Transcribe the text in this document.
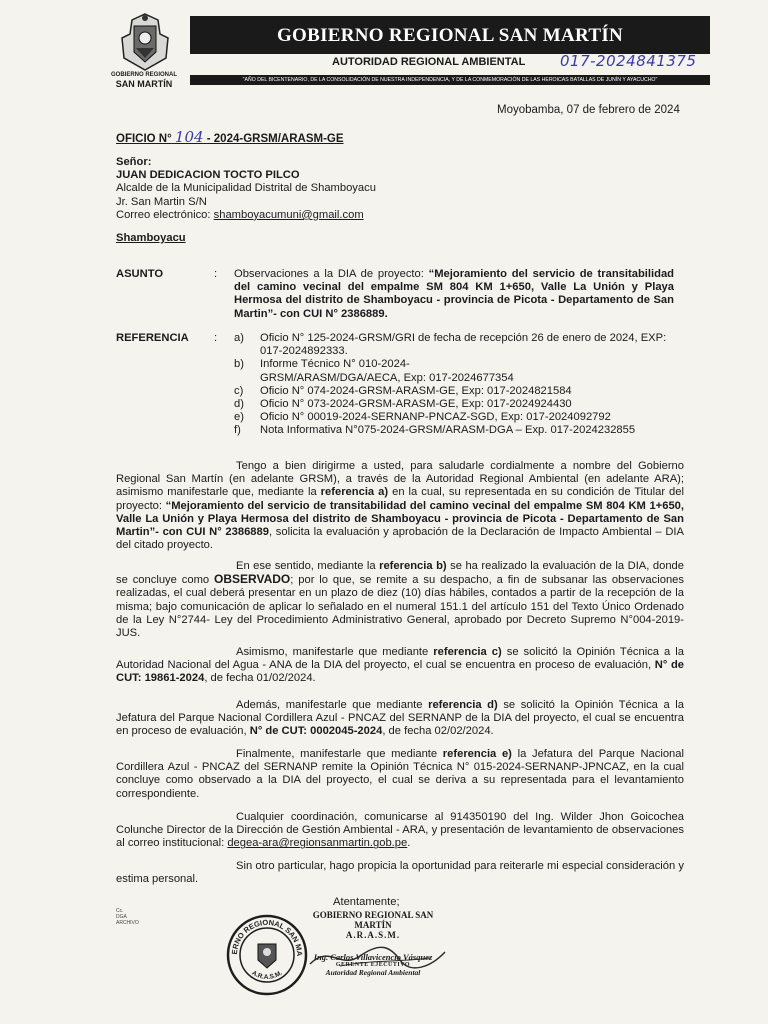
GOBIERNO REGIONAL
SAN MARTÍN
GOBIERNO REGIONAL SAN MARTÍN
AUTORIDAD REGIONAL AMBIENTAL 017-2024841375
"AÑO DEL BICENTENARIO, DE LA CONSOLIDACIÓN DE NUESTRA INDEPENDENCIA, Y DE LA CONMEMORACIÓN DE LAS HEROICAS BATALLAS DE JUNÍN Y AYACUCHO"
Moyobamba, 07 de febrero de 2024
OFICIO N° 104 - 2024-GRSM/ARASM-GE
Señor:
JUAN DEDICACION TOCTO PILCO
Alcalde de la Municipalidad Distrital de Shamboyacu
Jr. San Martin S/N
Correo electrónico: shamboyacumuni@gmail.com
Shamboyacu
ASUNTO	: Observaciones a la DIA de proyecto: “Mejoramiento del servicio de transitabilidad del camino vecinal del empalme SM 804 KM 1+650, Valle La Unión y Playa Hermosa del distrito de Shamboyacu - provincia de Picota - Departamento de San Martin”- con CUI N° 2386889.
REFERENCIA : a)	Oficio N° 125-2024-GRSM/GRI de fecha de recepción 26 de enero de 2024, EXP: 017-2024892333.
b)	Informe Técnico N° 010-2024-GRSM/ARASM/DGA/AECA, Exp: 017-2024677354
c)	Oficio N° 074-2024-GRSM-ARASM-GE, Exp: 017-2024821584
d)	Oficio N° 073-2024-GRSM-ARASM-GE, Exp: 017-2024924430
e)	Oficio N° 00019-2024-SERNANP-PNCAZ-SGD, Exp: 017-2024092792
f)	Nota Informativa N°075-2024-GRSM/ARASM-DGA – Exp. 017-2024232855
Tengo a bien dirigirme a usted, para saludarle cordialmente a nombre del Gobierno Regional San Martín (en adelante GRSM), a través de la Autoridad Regional Ambiental (en adelante ARA); asimismo manifestarle que, mediante la referencia a) en la cual, su representada en su condición de Titular del proyecto: “Mejoramiento del servicio de transitabilidad del camino vecinal del empalme SM 804 KM 1+650, Valle La Unión y Playa Hermosa del distrito de Shamboyacu - provincia de Picota - Departamento de San Martin”- con CUI N° 2386889, solicita la evaluación y aprobación de la Declaración de Impacto Ambiental – DIA del citado proyecto.
En ese sentido, mediante la referencia b) se ha realizado la evaluación de la DIA, donde se concluye como OBSERVADO; por lo que, se remite a su despacho, a fin de subsanar las observaciones realizadas, el cual deberá presentar en un plazo de diez (10) días hábiles, contados a partir de la recepción de la misma; bajo comunicación de aplicar lo señalado en el numeral 151.1 del artículo 151 del Texto Único Ordenado de la Ley N°2744- Ley del Procedimiento Administrativo General, aprobado por Decreto Supremo N°004-2019-JUS.
Asimismo, manifestarle que mediante referencia c) se solicitó la Opinión Técnica a la Autoridad Nacional del Agua - ANA de la DIA del proyecto, el cual se encuentra en proceso de evaluación, N° de CUT: 19861-2024, de fecha 01/02/2024.
Además, manifestarle que mediante referencia d) se solicitó la Opinión Técnica a la Jefatura del Parque Nacional Cordillera Azul - PNCAZ del SERNANP de la DIA del proyecto, el cual se encuentra en proceso de evaluación, N° de CUT: 0002045-2024, de fecha 02/02/2024.
Finalmente, manifestarle que mediante referencia e) la Jefatura del Parque Nacional Cordillera Azul - PNCAZ del SERNANP remite la Opinión Técnica N° 015-2024-SERNANP-JPNCAZ, en la cual concluye como observado a la DIA del proyecto, el cual se deriva a su representada para el levantamiento correspondiente.
Cualquier coordinación, comunicarse al 914350190 del Ing. Wilder Jhon Goicochea Colunche Director de la Dirección de Gestión Ambiental - ARA, y presentación de levantamiento de observaciones al correo institucional: degea-ara@regionsanmartin.gob.pe.
Sin otro particular, hago propicia la oportunidad para reiterarle mi especial consideración y estima personal.
Atentamente;
Cc.
DGA
ARCHIVO
ERNO REGIONAL SAN MA
A.R.A.S.M.
GOBIERNO REGIONAL SAN MARTÍN
A.R.A.S.M.
Ing. Carlos Villavicencio Vásquez
GERENTE EJECUTIVO
Autoridad Regional Ambiental
